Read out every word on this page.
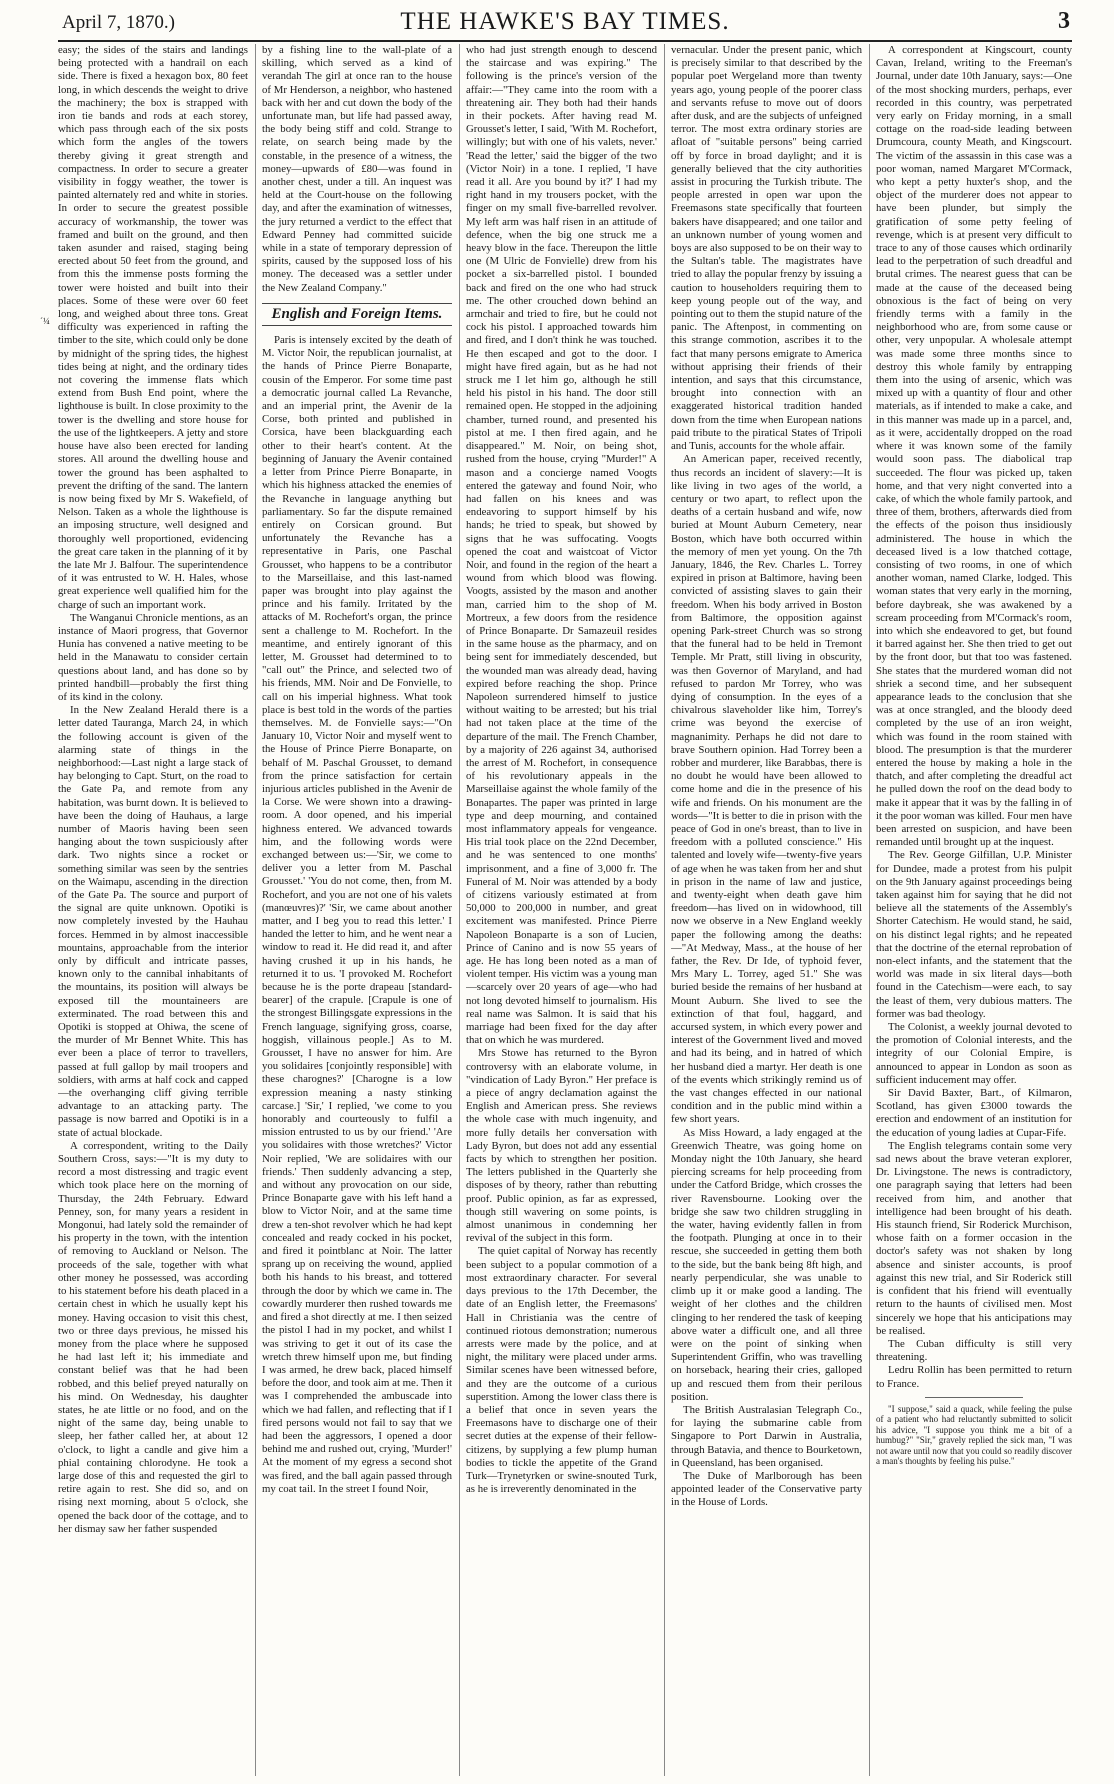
April 7, 1870.)	THE HAWKE'S BAY TIMES.	3
´¼

easy; the sides of the stairs and landings being protected with a handrail on each side. There is fixed a hexagon box, 80 feet long, in which descends the weight to drive the machinery; the box is strapped with iron tie bands and rods at each storey, which pass through each of the six posts which form the angles of the towers thereby giving it great strength and compactness. In order to secure a greater visibility in foggy weather, the tower is painted alternately red and white in stories. In order to secure the greatest possible accuracy of workmanship, the tower was framed and built on the ground, and then taken asunder and raised, staging being erected about 50 feet from the ground, and from this the immense posts forming the tower were hoisted and built into their places. Some of these were over 60 feet long, and weighed about three tons. Great difficulty was experienced in rafting the timber to the site, which could only be done by midnight of the spring tides, the highest tides being at night, and the ordinary tides not covering the immense flats which extend from Bush End point, where the lighthouse is built. In close proximity to the tower is the dwelling and store house for the use of the lightkeepers. A jetty and store house have also been erected for landing stores. All around the dwelling house and tower the ground has been asphalted to prevent the drifting of the sand. The lantern is now being fixed by Mr S. Wakefield, of Nelson. Taken as a whole the lighthouse is an imposing structure, well designed and thoroughly well proportioned, evidencing the great care taken in the planning of it by the late Mr J. Balfour. The superintendence of it was entrusted to W. H. Hales, whose great experience well qualified him for the charge of such an important work.

The Wanganui Chronicle mentions, as an instance of Maori progress, that Governor Hunia has convened a native meeting to be held in the Manawatu to consider certain questions about land, and has done so by printed handbill—probably the first thing of its kind in the colony.

In the New Zealand Herald there is a letter dated Tauranga, March 24, in which the following account is given of the alarming state of things in the neighborhood:—Last night a large stack of hay belonging to Capt. Sturt, on the road to the Gate Pa, and remote from any habitation, was burnt down. It is believed to have been the doing of Hauhaus, a large number of Maoris having been seen hanging about the town suspiciously after dark. Two nights since a rocket or something similar was seen by the sentries on the Waimapu, ascending in the direction of the Gate Pa. The source and purport of the signal are quite unknown. Opotiki is now completely invested by the Hauhau forces. Hemmed in by almost inaccessible mountains, approachable from the interior only by difficult and intricate passes, known only to the cannibal inhabitants of the mountains, its position will always be exposed till the mountaineers are exterminated. The road between this and Opotiki is stopped at Ohiwa, the scene of the murder of Mr Bennet White. This has ever been a place of terror to travellers, passed at full gallop by mail troopers and soldiers, with arms at half cock and capped—the overhanging cliff giving terrible advantage to an attacking party. The passage is now barred and Opotiki is in a state of actual blockade.

A correspondent, writing to the Daily Southern Cross, says:—"It is my duty to record a most distressing and tragic event which took place here on the morning of Thursday, the 24th February. Edward Penney, son, for many years a resident in Mongonui, had lately sold the remainder of his property in the town, with the intention of removing to Auckland or Nelson. The proceeds of the sale, together with what other money he possessed, was according to his statement before his death placed in a certain chest in which he usually kept his money. Having occasion to visit this chest, two or three days previous, he missed his money from the place where he supposed he had last left it; his immediate and constant belief was that he had been robbed, and this belief preyed naturally on his mind. On Wednesday, his daughter states, he ate little or no food, and on the night of the same day, being unable to sleep, her father called her, at about 12 o'clock, to light a candle and give him a phial containing chlorodyne. He took a large dose of this and requested the girl to retire again to rest. She did so, and on rising next morning, about 5 o'clock, she opened the back door of the cottage, and to her dismay saw her father suspended

by a fishing line to the wall-plate of a skilling, which served as a kind of verandah The girl at once ran to the house of Mr Henderson, a neighbor, who hastened back with her and cut down the body of the unfortunate man, but life had passed away, the body being stiff and cold. Strange to relate, on search being made by the constable, in the presence of a witness, the money—upwards of £80—was found in another chest, under a till. An inquest was held at the Court-house on the following day, and after the examination of witnesses, the jury returned a verdict to the effect that Edward Penney had committed suicide while in a state of temporary depression of spirits, caused by the supposed loss of his money. The deceased was a settler under the New Zealand Company."

English and Foreign Items.

Paris is intensely excited by the death of M. Victor Noir, the republican journalist, at the hands of Prince Pierre Bonaparte, cousin of the Emperor. For some time past a democratic journal called La Revanche, and an imperial print, the Avenir de la Corse, both printed and published in Corsica, have been blackguarding each other to their heart's content. At the beginning of January the Avenir contained a letter from Prince Pierre Bonaparte, in which his highness attacked the enemies of the Revanche in language anything but parliamentary. So far the dispute remained entirely on Corsican ground. But unfortunately the Revanche has a representative in Paris, one Paschal Grousset, who happens to be a contributor to the Marseillaise, and this last-named paper was brought into play against the prince and his family. Irritated by the attacks of M. Rochefort's organ, the prince sent a challenge to M. Rochefort. In the meantime, and entirely ignorant of this letter, M. Grousset had determined to to "call out" the Prince, and selected two of his friends, MM. Noir and De Fonvielle, to call on his imperial highness. What took place is best told in the words of the parties themselves. M. de Fonvielle says:—"On January 10, Victor Noir and myself went to the House of Prince Pierre Bonaparte, on behalf of M. Paschal Grousset, to demand from the prince satisfaction for certain injurious articles published in the Avenir de la Corse. We were shown into a drawing-room. A door opened, and his imperial highness entered. We advanced towards him, and the following words were exchanged between us:—'Sir, we come to deliver you a letter from M. Paschal Grousset.' 'You do not come, then, from M. Rochefort, and you are not one of his valets (manœuvres)?' 'Sir, we came about another matter, and I beg you to read this letter.' I handed the letter to him, and he went near a window to read it. He did read it, and after having crushed it up in his hands, he returned it to us. 'I provoked M. Rochefort because he is the porte drapeau [standard-bearer] of the crapule. [Crapule is one of the strongest Billingsgate expressions in the French language, signifying gross, coarse, hoggish, villainous people.] As to M. Grousset, I have no answer for him. Are you solidaires [conjointly responsible] with these charognes?' [Charogne is a low expression meaning a nasty stinking carcase.] 'Sir,' I replied, 'we come to you honorably and courteously to fulfil a mission entrusted to us by our friend.' 'Are you solidaires with those wretches?' Victor Noir replied, 'We are solidaires with our friends.' Then suddenly advancing a step, and without any provocation on our side, Prince Bonaparte gave with his left hand a blow to Victor Noir, and at the same time drew a ten-shot revolver which he had kept concealed and ready cocked in his pocket, and fired it pointblanc at Noir. The latter sprang up on receiving the wound, applied both his hands to his breast, and tottered through the door by which we came in. The cowardly murderer then rushed towards me and fired a shot directly at me. I then seized the pistol I had in my pocket, and whilst I was striving to get it out of its case the wretch threw himself upon me, but finding I was armed, he drew back, placed himself before the door, and took aim at me. Then it was I comprehended the ambuscade into which we had fallen, and reflecting that if I fired persons would not fail to say that we had been the aggressors, I opened a door behind me and rushed out, crying, 'Murder!' At the moment of my egress a second shot was fired, and the ball again passed through my coat tail. In the street I found Noir,

who had just strength enough to descend the staircase and was expiring." The following is the prince's version of the affair:—"They came into the room with a threatening air. They both had their hands in their pockets. After having read M. Grousset's letter, I said, 'With M. Rochefort, willingly; but with one of his valets, never.' 'Read the letter,' said the bigger of the two (Victor Noir) in a tone. I replied, 'I have read it all. Are you bound by it?' I had my right hand in my trousers pocket, with the finger on my small five-barrelled revolver. My left arm was half risen in an attitude of defence, when the big one struck me a heavy blow in the face. Thereupon the little one (M Ulric de Fonvielle) drew from his pocket a six-barrelled pistol. I bounded back and fired on the one who had struck me. The other crouched down behind an armchair and tried to fire, but he could not cock his pistol. I approached towards him and fired, and I don't think he was touched. He then escaped and got to the door. I might have fired again, but as he had not struck me I let him go, although he still held his pistol in his hand. The door still remained open. He stopped in the adjoining chamber, turned round, and presented his pistol at me. I then fired again, and he disappeared." M. Noir, on being shot, rushed from the house, crying "Murder!" A mason and a concierge named Voogts entered the gateway and found Noir, who had fallen on his knees and was endeavoring to support himself by his hands; he tried to speak, but showed by signs that he was suffocating. Voogts opened the coat and waistcoat of Victor Noir, and found in the region of the heart a wound from which blood was flowing. Voogts, assisted by the mason and another man, carried him to the shop of M. Mortreux, a few doors from the residence of Prince Bonaparte. Dr Samazeuil resides in the same house as the pharmacy, and on being sent for immediately descended, but the wounded man was already dead, having expired before reaching the shop. Prince Napoleon surrendered himself to justice without waiting to be arrested; but his trial had not taken place at the time of the departure of the mail. The French Chamber, by a majority of 226 against 34, authorised the arrest of M. Rochefort, in consequence of his revolutionary appeals in the Marseillaise against the whole family of the Bonapartes. The paper was printed in large type and deep mourning, and contained most inflammatory appeals for vengeance. His trial took place on the 22nd December, and he was sentenced to one months' imprisonment, and a fine of 3,000 fr. The Funeral of M. Noir was attended by a body of citizens variously estimated at from 50,000 to 200,000 in number, and great excitement was manifested. Prince Pierre Napoleon Bonaparte is a son of Lucien, Prince of Canino and is now 55 years of age. He has long been noted as a man of violent temper. His victim was a young man—scarcely over 20 years of age—who had not long devoted himself to journalism. His real name was Salmon. It is said that his marriage had been fixed for the day after that on which he was murdered.

Mrs Stowe has returned to the Byron controversy with an elaborate volume, in "vindication of Lady Byron." Her preface is a piece of angry declamation against the English and American press. She reviews the whole case with much ingenuity, and more fully details her conversation with Lady Byron, but does not add any essential facts by which to strengthen her position. The letters published in the Quarterly she disposes of by theory, rather than rebutting proof. Public opinion, as far as expressed, though still wavering on some points, is almost unanimous in condemning her revival of the subject in this form.

The quiet capital of Norway has recently been subject to a popular commotion of a most extraordinary character. For several days previous to the 17th December, the date of an English letter, the Freemasons' Hall in Christiania was the centre of continued riotous demonstration; numerous arrests were made by the police, and at night, the military were placed under arms. Similar scenes have been witnessed before, and they are the outcome of a curious superstition. Among the lower class there is a belief that once in seven years the Freemasons have to discharge one of their secret duties at the expense of their fellow-citizens, by supplying a few plump human bodies to tickle the appetite of the Grand Turk—Trynetyrken or swine-snouted Turk, as he is irreverently denominated in the

vernacular. Under the present panic, which is precisely similar to that described by the popular poet Wergeland more than twenty years ago, young people of the poorer class and servants refuse to move out of doors after dusk, and are the subjects of unfeigned terror. The most extra ordinary stories are afloat of "suitable persons" being carried off by force in broad daylight; and it is generally believed that the city authorities assist in procuring the Turkish tribute. The people arrested in open war upon the Freemasons state specifically that fourteen bakers have disappeared; and one tailor and an unknown number of young women and boys are also supposed to be on their way to the Sultan's table. The magistrates have tried to allay the popular frenzy by issuing a caution to householders requiring them to keep young people out of the way, and pointing out to them the stupid nature of the panic. The Aftenpost, in commenting on this strange commotion, ascribes it to the fact that many persons emigrate to America without apprising their friends of their intention, and says that this circumstance, brought into connection with an exaggerated historical tradition handed down from the time when European nations paid tribute to the piratical States of Tripoli and Tunis, accounts for the whole affair.

An American paper, received recently, thus records an incident of slavery:—It is like living in two ages of the world, a century or two apart, to reflect upon the deaths of a certain husband and wife, now buried at Mount Auburn Cemetery, near Boston, which have both occurred within the memory of men yet young. On the 7th January, 1846, the Rev. Charles L. Torrey expired in prison at Baltimore, having been convicted of assisting slaves to gain their freedom. When his body arrived in Boston from Baltimore, the opposition against opening Park-street Church was so strong that the funeral had to be held in Tremont Temple. Mr Pratt, still living in obscurity, was then Governor of Maryland, and had refused to pardon Mr Torrey, who was dying of consumption. In the eyes of a chivalrous slaveholder like him, Torrey's crime was beyond the exercise of magnanimity. Perhaps he did not dare to brave Southern opinion. Had Torrey been a robber and murderer, like Barabbas, there is no doubt he would have been allowed to come home and die in the presence of his wife and friends. On his monument are the words—"It is better to die in prison with the peace of God in one's breast, than to live in freedom with a polluted conscience." His talented and lovely wife—twenty-five years of age when he was taken from her and shut in prison in the name of law and justice, and twenty-eight when death gave him freedom—has lived on in widowhood, till now we observe in a New England weekly paper the following among the deaths:—"At Medway, Mass., at the house of her father, the Rev. Dr Ide, of typhoid fever, Mrs Mary L. Torrey, aged 51." She was buried beside the remains of her husband at Mount Auburn. She lived to see the extinction of that foul, haggard, and accursed system, in which every power and interest of the Government lived and moved and had its being, and in hatred of which her husband died a martyr. Her death is one of the events which strikingly remind us of the vast changes effected in our national condition and in the public mind within a few short years.

As Miss Howard, a lady engaged at the Greenwich Theatre, was going home on Monday night the 10th January, she heard piercing screams for help proceeding from under the Catford Bridge, which crosses the river Ravensbourne. Looking over the bridge she saw two children struggling in the water, having evidently fallen in from the footpath. Plunging at once in to their rescue, she succeeded in getting them both to the side, but the bank being 8ft high, and nearly perpendicular, she was unable to climb up it or make good a landing. The weight of her clothes and the children clinging to her rendered the task of keeping above water a difficult one, and all three were on the point of sinking when Superintendent Griffin, who was travelling on horseback, hearing their cries, galloped up and rescued them from their perilous position.

The British Australasian Telegraph Co., for laying the submarine cable from Singapore to Port Darwin in Australia, through Batavia, and thence to Bourketown, in Queensland, has been organised.

The Duke of Marlborough has been appointed leader of the Conservative party in the House of Lords.

A correspondent at Kingscourt, county Cavan, Ireland, writing to the Freeman's Journal, under date 10th January, says:—One of the most shocking murders, perhaps, ever recorded in this country, was perpetrated very early on Friday morning, in a small cottage on the road-side leading between Drumcoura, county Meath, and Kingscourt. The victim of the assassin in this case was a poor woman, named Margaret M'Cormack, who kept a petty huxter's shop, and the object of the murderer does not appear to have been plunder, but simply the gratification of some petty feeling of revenge, which is at present very difficult to trace to any of those causes which ordinarily lead to the perpetration of such dreadful and brutal crimes. The nearest guess that can be made at the cause of the deceased being obnoxious is the fact of being on very friendly terms with a family in the neighborhood who are, from some cause or other, very unpopular. A wholesale attempt was made some three months since to destroy this whole family by entrapping them into the using of arsenic, which was mixed up with a quantity of flour and other materials, as if intended to make a cake, and in this manner was made up in a parcel, and, as it were, accidentally dropped on the road where it was known some of the family would soon pass. The diabolical trap succeeded. The flour was picked up, taken home, and that very night converted into a cake, of which the whole family partook, and three of them, brothers, afterwards died from the effects of the poison thus insidiously administered. The house in which the deceased lived is a low thatched cottage, consisting of two rooms, in one of which another woman, named Clarke, lodged. This woman states that very early in the morning, before daybreak, she was awakened by a scream proceeding from M'Cormack's room, into which she endeavored to get, but found it barred against her. She then tried to get out by the front door, but that too was fastened. She states that the murdered woman did not shriek a second time, and her subsequent appearance leads to the conclusion that she was at once strangled, and the bloody deed completed by the use of an iron weight, which was found in the room stained with blood. The presumption is that the murderer entered the house by making a hole in the thatch, and after completing the dreadful act he pulled down the roof on the dead body to make it appear that it was by the falling in of it the poor woman was killed. Four men have been arrested on suspicion, and have been remanded until brought up at the inquest.

The Rev. George Gilfillan, U.P. Minister for Dundee, made a protest from his pulpit on the 9th January against proceedings being taken against him for saying that he did not believe all the statements of the Assembly's Shorter Catechism. He would stand, he said, on his distinct legal rights; and he repeated that the doctrine of the eternal reprobation of non-elect infants, and the statement that the world was made in six literal days—both found in the Catechism—were each, to say the least of them, very dubious matters. The former was bad theology.

The Colonist, a weekly journal devoted to the promotion of Colonial interests, and the integrity of our Colonial Empire, is announced to appear in London as soon as sufficient inducement may offer.

Sir David Baxter, Bart., of Kilmaron, Scotland, has given £3000 towards the erection and endowment of an institution for the education of young ladies at Cupar-Fife.

The English telegrams contain some very sad news about the brave veteran explorer, Dr. Livingstone. The news is contradictory, one paragraph saying that letters had been received from him, and another that intelligence had been brought of his death. His staunch friend, Sir Roderick Murchison, whose faith on a former occasion in the doctor's safety was not shaken by long absence and sinister accounts, is proof against this new trial, and Sir Roderick still is confident that his friend will eventually return to the haunts of civilised men. Most sincerely we hope that his anticipations may be realised.

The Cuban difficulty is still very threatening.

Ledru Rollin has been permitted to return to France.

"I suppose," said a quack, while feeling the pulse of a patient who had reluctantly submitted to solicit his advice, "I suppose you think me a bit of a humbug?" "Sir," gravely replied the sick man, "I was not aware until now that you could so readily discover a man's thoughts by feeling his pulse."
